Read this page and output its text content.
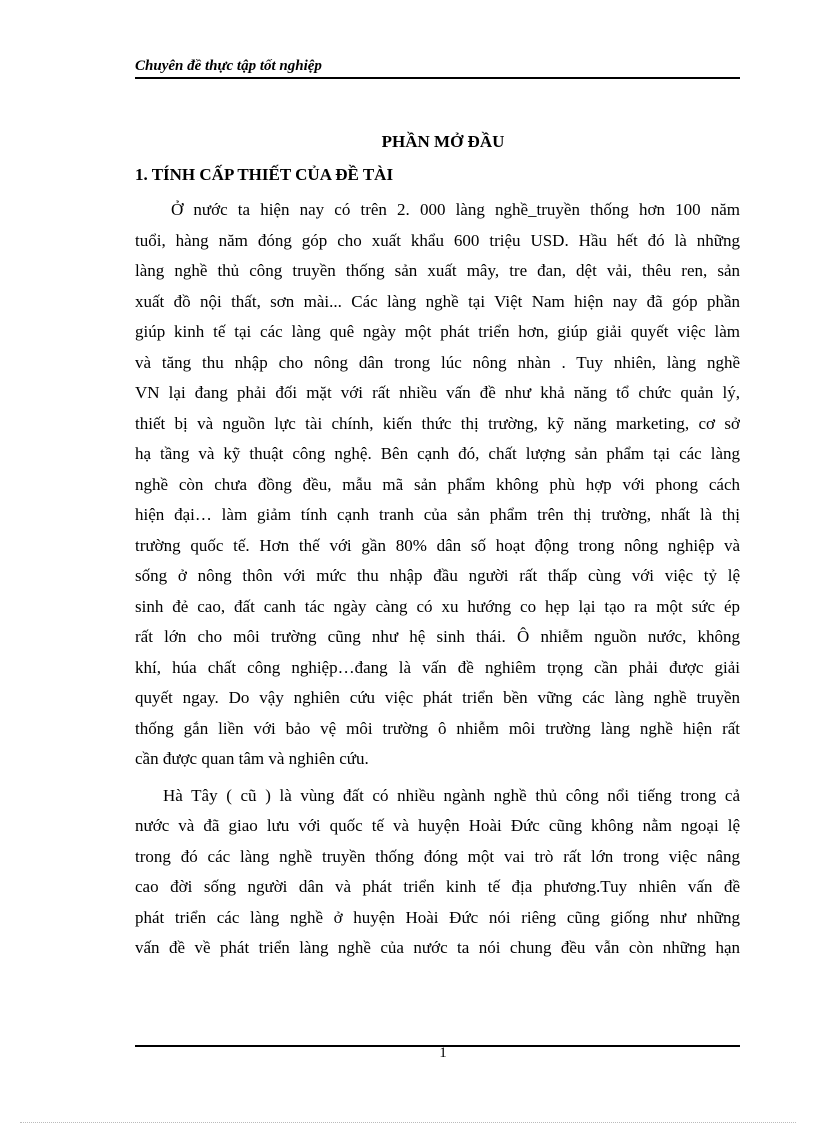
Chuyên đề thực tập tốt nghiệp
PHẦN MỞ ĐẦU
1. TÍNH CẤP THIẾT CỦA ĐỀ TÀI
Ở nước ta hiện nay có trên 2. 000 làng nghề_truyền thống hơn 100 năm
tuổi, hàng năm đóng góp cho xuất khẩu 600 triệu USD. Hầu hết đó là những
làng nghề thủ công truyền thống sản xuất mây, tre đan, dệt vải, thêu ren, sản
xuất đồ nội thất, sơn mài... Các làng nghề tại Việt Nam hiện nay đã góp phần
giúp kinh tế tại các làng quê ngày một phát triển hơn, giúp giải quyết việc làm
và tăng thu nhập cho nông dân trong lúc nông nhàn . Tuy nhiên, làng nghề
VN lại đang phải đối mặt với rất nhiều vấn đề như khả năng tổ chức quản lý,
thiết bị và nguồn lực tài chính, kiến thức thị trường, kỹ năng marketing, cơ sở
hạ tầng và kỹ thuật công nghệ. Bên cạnh đó, chất lượng sản phẩm tại các làng
nghề còn chưa đồng đều, mẫu mã sản phẩm không phù hợp với phong cách
hiện đại… làm giảm tính cạnh tranh của sản phẩm trên thị trường, nhất là thị
trường quốc tế. Hơn thế với gần 80% dân số hoạt động trong nông nghiệp và
sống ở nông thôn với mức thu nhập đầu người rất thấp cùng với việc tỷ lệ
sinh đẻ cao, đất canh tác ngày càng có xu hướng co hẹp lại tạo ra một sức ép
rất lớn cho môi trường cũng như hệ sinh thái. Ô nhiễm nguồn nước, không
khí, húa chất công nghiệp…đang là vấn đề nghiêm trọng cần phải được giải
quyết ngay. Do vậy nghiên cứu việc phát triển bền vững các làng nghề truyền
thống gắn liền với bảo vệ môi trường ô nhiễm môi trường làng nghề hiện rất
cần được quan tâm và nghiên cứu.
Hà Tây ( cũ ) là vùng đất có nhiều ngành nghề thủ công nổi tiếng trong cả
nước và đã giao lưu với quốc tế và huyện Hoài Đức cũng không nằm ngoại lệ
trong đó các làng nghề truyền thống đóng một vai trò rất lớn trong việc nâng
cao đời sống người dân và phát triển kinh tế địa phương.Tuy nhiên vấn đề
phát triển các làng nghề ở huyện Hoài Đức nói riêng cũng giống như những
vấn đề về phát triển làng nghề của nước ta nói chung đều vẫn còn những hạn
1
